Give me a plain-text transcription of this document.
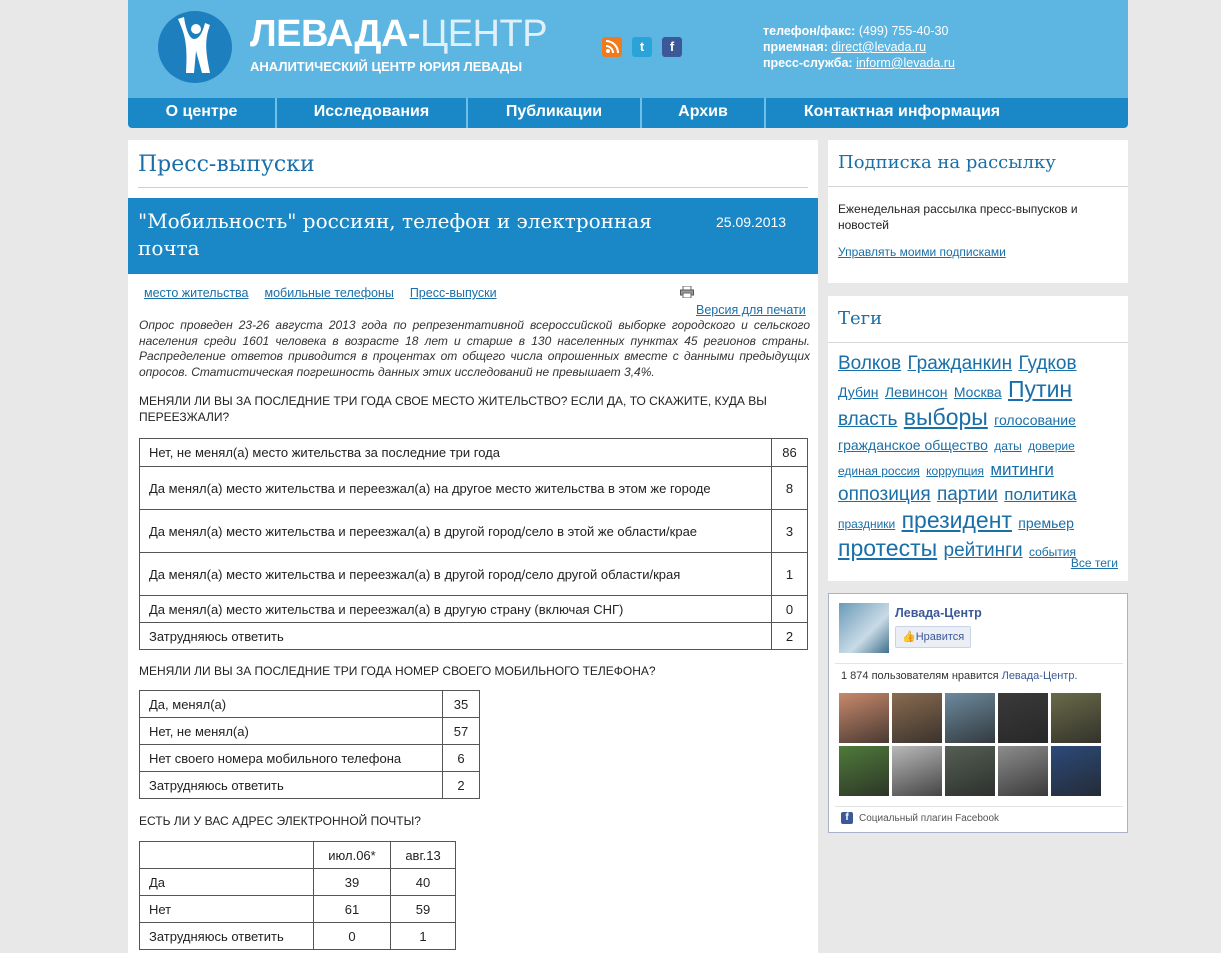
ЛЕВАДА-ЦЕНТР
АНАЛИТИЧЕСКИЙ ЦЕНТР ЮРИЯ ЛЕВАДЫ
t	f
телефон/факс: (499) 755-40-30
приемная: direct@levada.ru
пресс-служба: inform@levada.ru
О центре	Исследования	Публикации	Архив	Контактная информация
Пресс-выпуски
"Мобильность" россиян, телефон и электронная почта
25.09.2013
место жительства мобильные телефоны Пресс-выпуски
Версия для печати
Опрос проведен 23-26 августа 2013 года по репрезентативной всероссийской выборке городского и сельского населения среди 1601 человека в возрасте 18 лет и старше в 130 населенных пунктах 45 регионов страны. Распределение ответов приводится в процентах от общего числа опрошенных вместе с данными предыдущих опросов. Статистическая погрешность данных этих исследований не превышает 3,4%.
МЕНЯЛИ ЛИ ВЫ ЗА ПОСЛЕДНИЕ ТРИ ГОДА СВОЕ МЕСТО ЖИТЕЛЬСТВО? ЕСЛИ ДА, ТО СКАЖИТЕ, КУДА ВЫ ПЕРЕЕЗЖАЛИ?
Нет, не менял(а) место жительства за последние три года	86
Да менял(а) место жительства и переезжал(а) на другое место жительства в этом же городе	8
Да менял(а) место жительства и переезжал(а) в другой город/село в этой же области/крае	3
Да менял(а) место жительства и переезжал(а) в другой город/село другой области/края	1
Да менял(а) место жительства и переезжал(а) в другую страну (включая СНГ)	0
Затрудняюсь ответить	2
МЕНЯЛИ ЛИ ВЫ ЗА ПОСЛЕДНИЕ ТРИ ГОДА НОМЕР СВОЕГО МОБИЛЬНОГО ТЕЛЕФОНА?
Да, менял(а)	35
Нет, не менял(а)	57
Нет своего номера мобильного телефона	6
Затрудняюсь ответить	2
ЕСТЬ ЛИ У ВАС АДРЕС ЭЛЕКТРОННОЙ ПОЧТЫ?
	июл.06*	авг.13
Да	39	40
Нет	61	59
Затрудняюсь ответить	0	1
Подписка на рассылку
Еженедельная рассылка пресс-выпусков и новостей
Управлять моими подписками
Теги
Волков Гражданкин Гудков Дубин Левинсон Москва Путин власть выборы голосование гражданское общество даты доверие единая россия коррупция митинги оппозиция партии политика праздники президент премьер протесты рейтинги события
Все теги
Левада-Центр
👍Нравится
1 874 пользователям нравится Левада-Центр.
f	Социальный плагин Facebook
